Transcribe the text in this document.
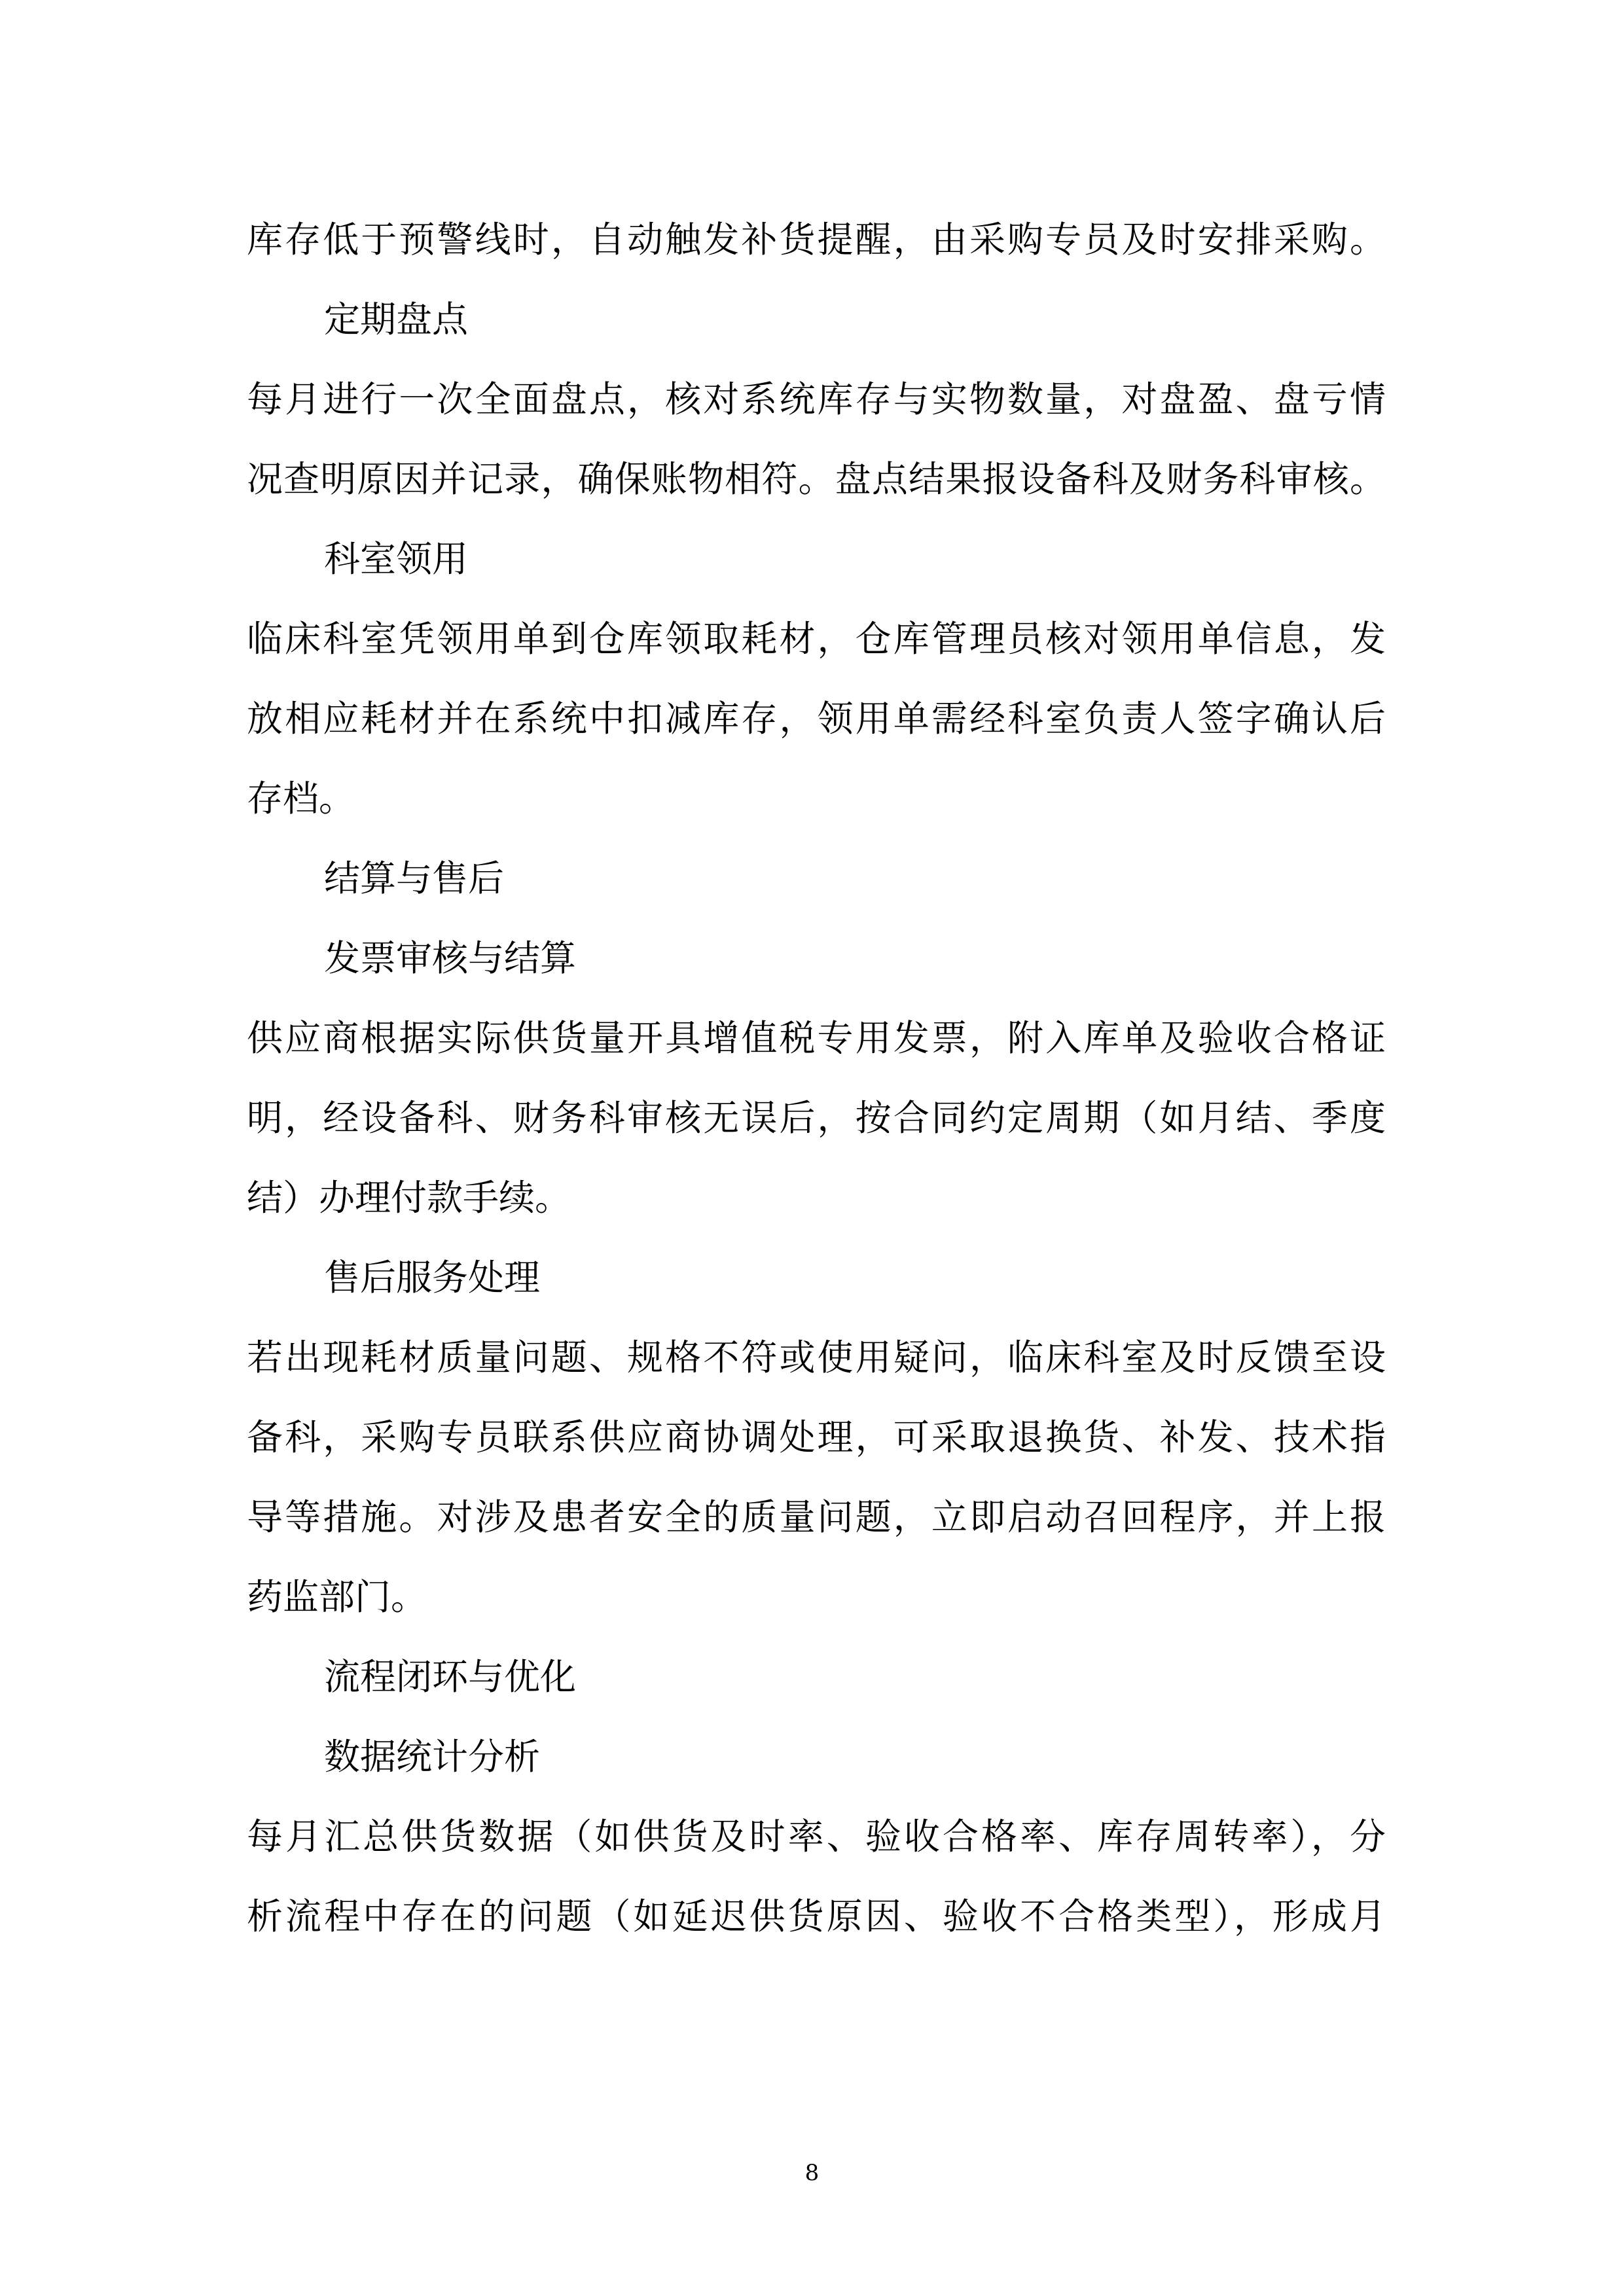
库存低于预警线时，自动触发补货提醒，由采购专员及时安排采购。
定期盘点
每月进行一次全面盘点，核对系统库存与实物数量，对盘盈、盘亏情
况查明原因并记录，确保账物相符。盘点结果报设备科及财务科审核。
科室领用
临床科室凭领用单到仓库领取耗材，仓库管理员核对领用单信息，发
放相应耗材并在系统中扣减库存，领用单需经科室负责人签字确认后
存档。
结算与售后
发票审核与结算
供应商根据实际供货量开具增值税专用发票，附入库单及验收合格证
明，经设备科、财务科审核无误后，按合同约定周期（如月结、季度
结）办理付款手续。
售后服务处理
若出现耗材质量问题、规格不符或使用疑问，临床科室及时反馈至设
备科，采购专员联系供应商协调处理，可采取退换货、补发、技术指
导等措施。对涉及患者安全的质量问题，立即启动召回程序，并上报
药监部门。
流程闭环与优化
数据统计分析
每月汇总供货数据（如供货及时率、验收合格率、库存周转率），分
析流程中存在的问题（如延迟供货原因、验收不合格类型），形成月
8
